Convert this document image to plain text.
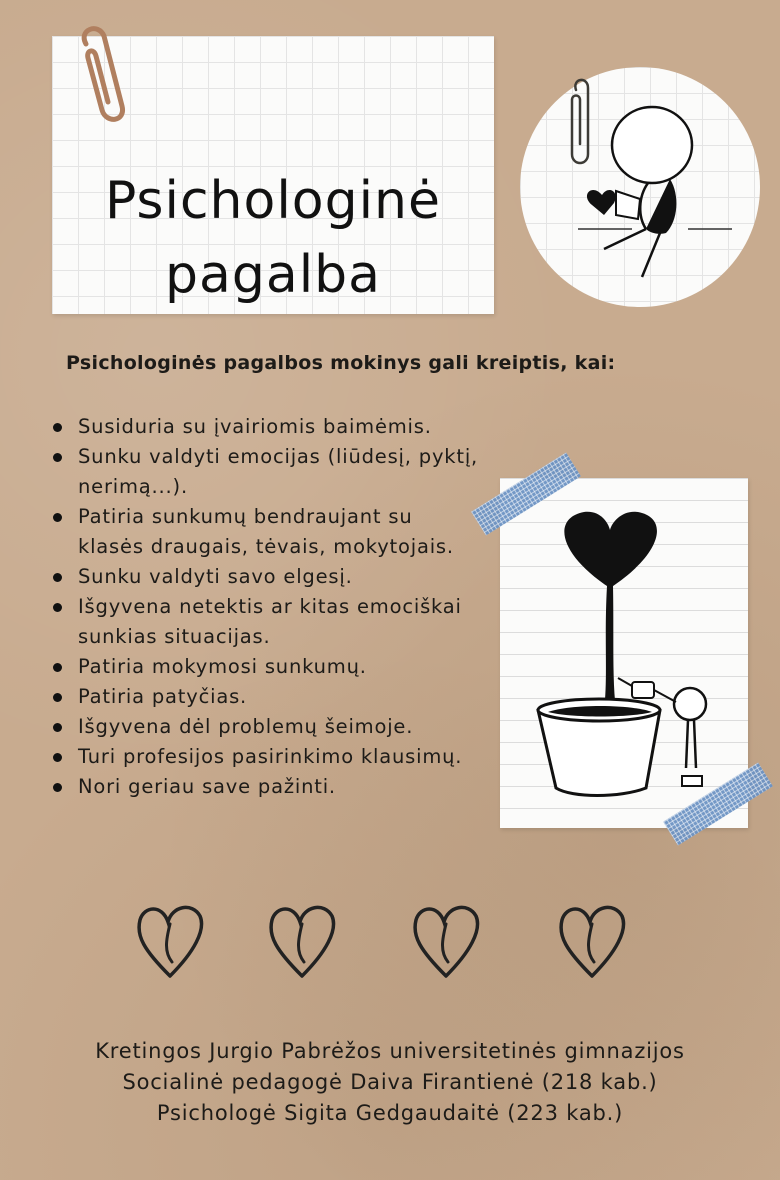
Psichologinė
pagalba

Psichologinės pagalbos mokinys gali kreiptis, kai:

Susiduria su įvairiomis baimėmis.
Sunku valdyti emocijas (liūdesį, pyktį, nerimą...).
Patiria sunkumų bendraujant su klasės draugais, tėvais, mokytojais.
Sunku valdyti savo elgesį.
Išgyvena netektis ar kitas emociškai sunkias situacijas.
Patiria mokymosi sunkumų.
Patiria patyčias.
Išgyvena dėl problemų šeimoje.
Turi profesijos pasirinkimo klausimų.
Nori geriau save pažinti.
Kretingos Jurgio Pabrėžos universitetinės gimnazijos
Socialinė pedagogė Daiva Firantienė (218 kab.)
Psichologė Sigita Gedgaudaitė (223 kab.)
